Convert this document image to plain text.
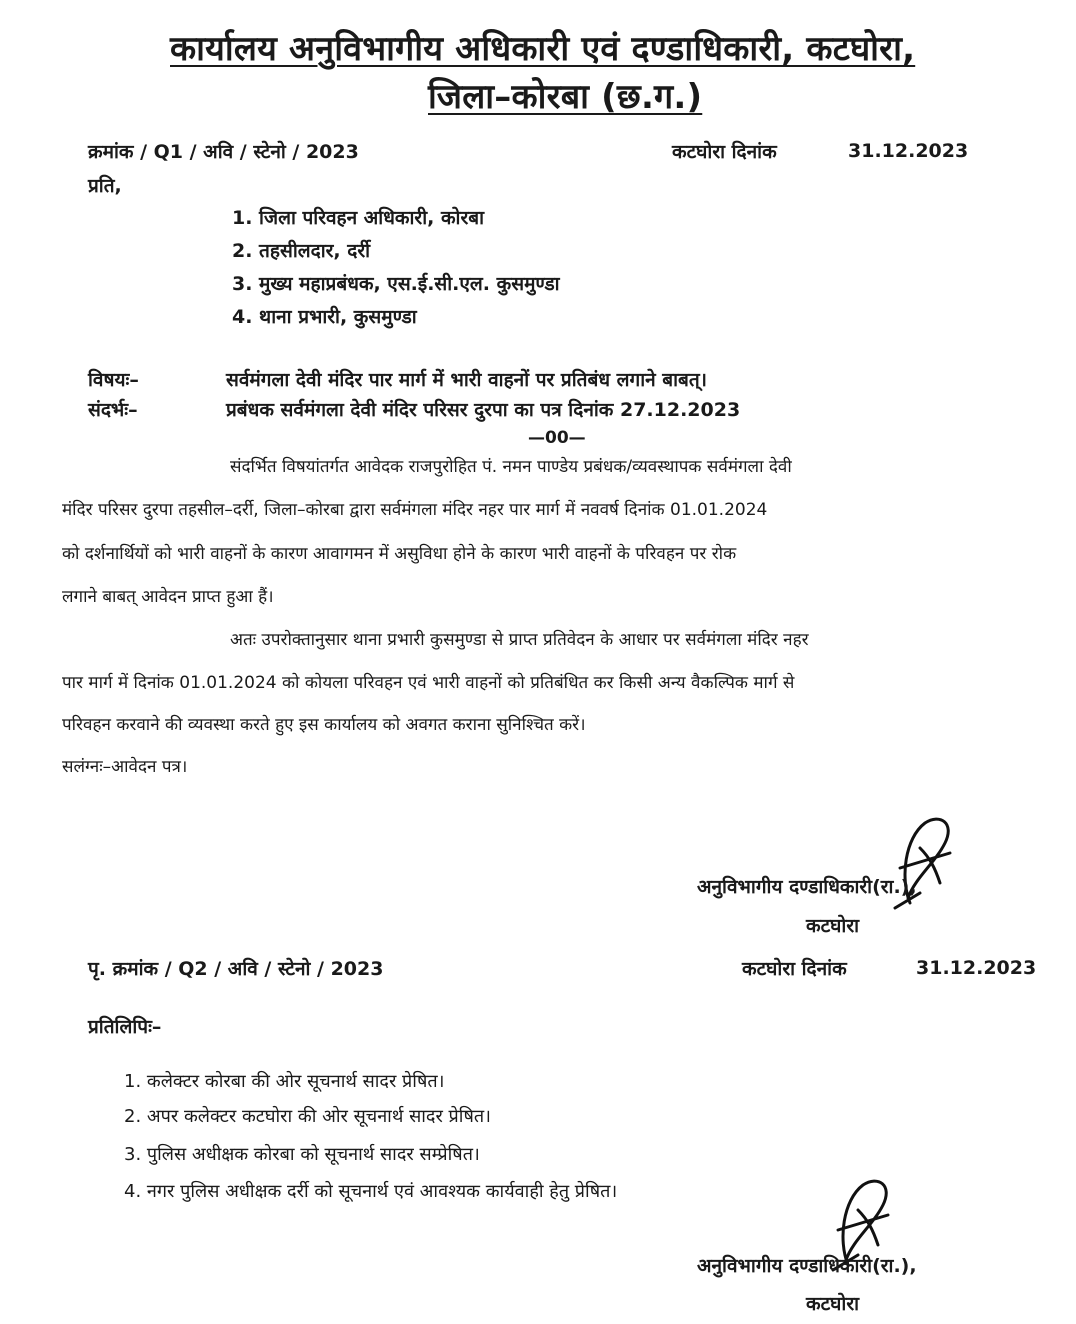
कार्यालय अनुविभागीय अधिकारी एवं दण्डाधिकारी, कटघोरा,
जिला–कोरबा (छ.ग.)
क्रमांक / Q1 / अवि / स्टेनो / 2023	कटघोरा दिनांक	31.12.2023
प्रति,
1. जिला परिवहन अधिकारी, कोरबा
2. तहसीलदार, दर्री
3. मुख्य महाप्रबंधक, एस.ई.सी.एल. कुसमुण्डा
4. थाना प्रभारी, कुसमुण्डा
विषयः–	सर्वमंगला देवी मंदिर पार मार्ग में भारी वाहनों पर प्रतिबंध लगाने बाबत्।
संदर्भः–	प्रबंधक सर्वमंगला देवी मंदिर परिसर दुरपा का पत्र दिनांक 27.12.2023
—00—
संदर्भित विषयांतर्गत आवेदक राजपुरोहित पं. नमन पाण्डेय प्रबंधक/व्यवस्थापक सर्वमंगला देवी
मंदिर परिसर दुरपा तहसील–दर्री, जिला–कोरबा द्वारा सर्वमंगला मंदिर नहर पार मार्ग में नववर्ष दिनांक 01.01.2024
को दर्शनार्थियों को भारी वाहनों के कारण आवागमन में असुविधा होने के कारण भारी वाहनों के परिवहन पर रोक
लगाने बाबत् आवेदन प्राप्त हुआ हैं।
अतः उपरोक्तानुसार थाना प्रभारी कुसमुण्डा से प्राप्त प्रतिवेदन के आधार पर सर्वमंगला मंदिर नहर
पार मार्ग में दिनांक 01.01.2024 को कोयला परिवहन एवं भारी वाहनों को प्रतिबंधित कर किसी अन्य वैकल्पिक मार्ग से
परिवहन करवाने की व्यवस्था करते हुए इस कार्यालय को अवगत कराना सुनिश्चित करें।
सलंग्नः–आवेदन पत्र।
अनुविभागीय दण्डाधिकारी(रा.),
कटघोरा
पृ. क्रमांक / Q2 / अवि / स्टेनो / 2023	कटघोरा दिनांक	31.12.2023
प्रतिलिपिः–
1. कलेक्टर कोरबा की ओर सूचनार्थ सादर प्रेषित।
2. अपर कलेक्टर कटघोरा की ओर सूचनार्थ सादर प्रेषित।
3. पुलिस अधीक्षक कोरबा को सूचनार्थ सादर सम्प्रेषित।
4. नगर पुलिस अधीक्षक दर्री को सूचनार्थ एवं आवश्यक कार्यवाही हेतु प्रेषित।
अनुविभागीय दण्डाधिकारी(रा.),
कटघोरा
